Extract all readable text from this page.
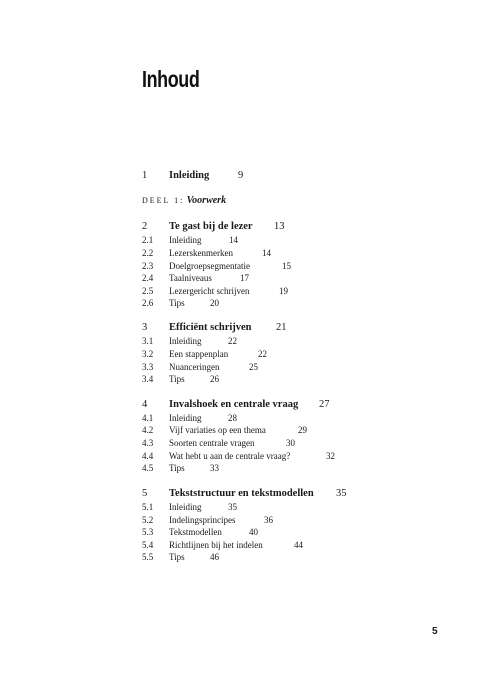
Inhoud
1 Inleiding	9
DEEL 1: Voorwerk
2 Te gast bij de lezer 13
2.1 Inleiding	14
2.2 Lezerskenmerken	14
2.3 Doelgroepsegmentatie	15
2.4 Taalniveaus	17
2.5 Lezergericht schrijven	19
2.6 Tips	20
3 Efficiënt schrijven 21
3.1 Inleiding	22
3.2 Een stappenplan	22
3.3 Nuanceringen	25
3.4 Tips	26
4 Invalshoek en centrale vraag 27
4.1 Inleiding	28
4.2 Vijf variaties op een thema	29
4.3 Soorten centrale vragen	30
4.4 Wat hebt u aan de centrale vraag?	32
4.5 Tips	33
5 Tekststructuur en tekstmodellen 35
5.1 Inleiding	35
5.2 Indelingsprincipes	36
5.3 Tekstmodellen	40
5.4 Richtlijnen bij het indelen	44
5.5 Tips	46
5
